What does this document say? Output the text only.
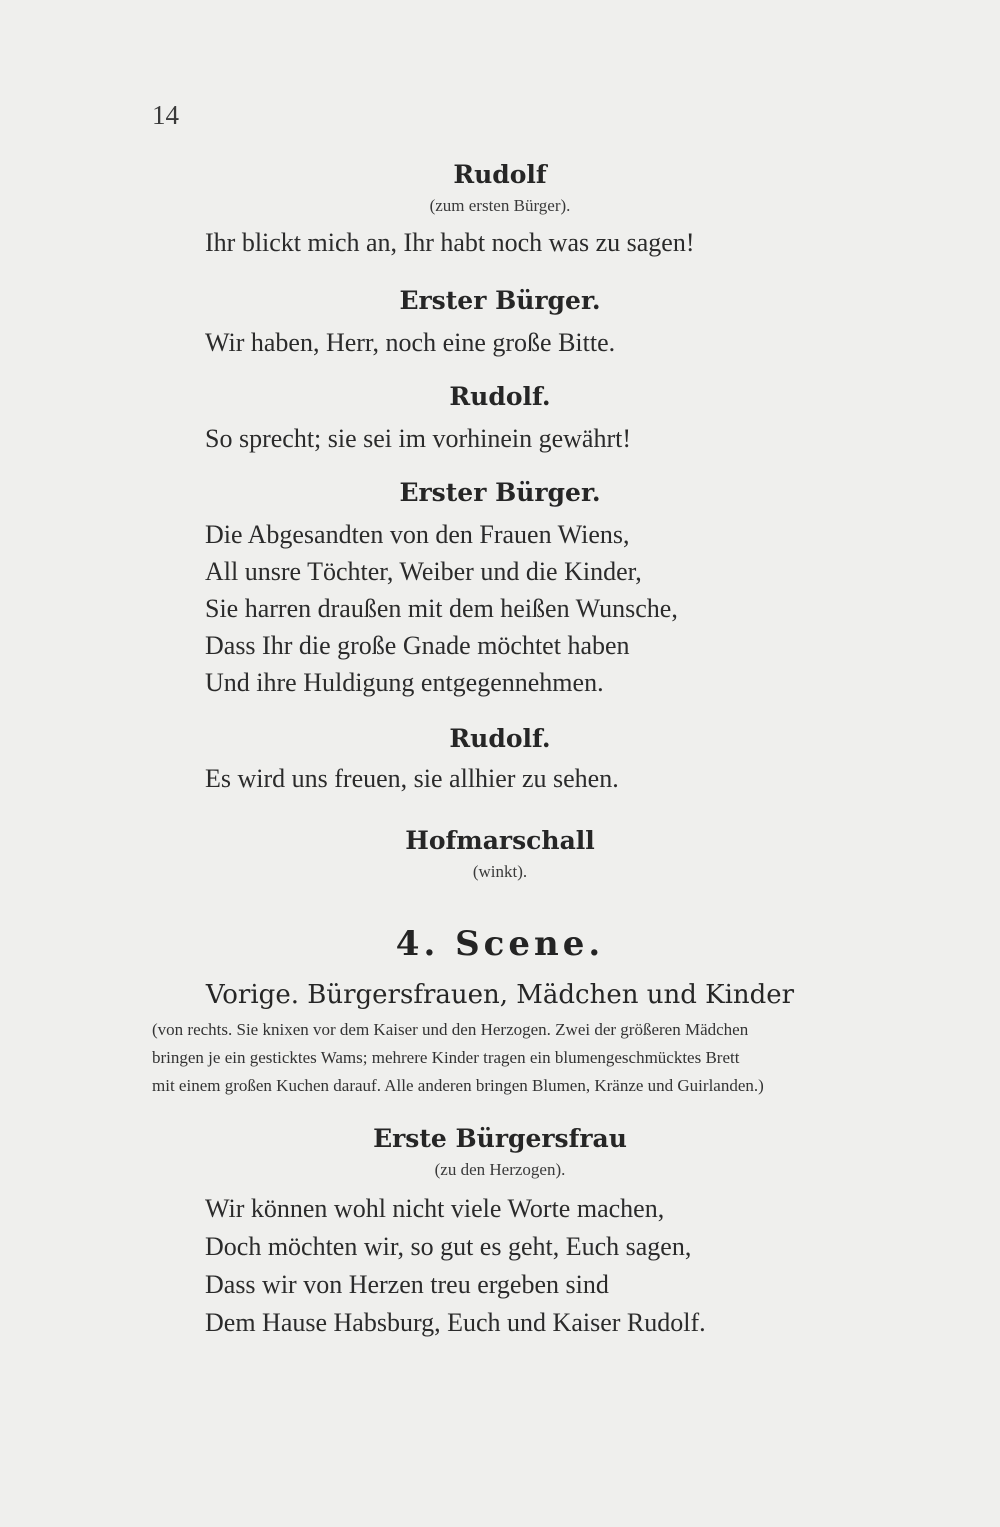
14
Rudolf
(zum ersten Bürger).
Ihr blickt mich an, Ihr habt noch was zu sagen!
Erster Bürger.
Wir haben, Herr, noch eine große Bitte.
Rudolf.
So sprecht; sie sei im vorhinein gewährt!
Erster Bürger.
Die Abgesandten von den Frauen Wiens,
All unsre Töchter, Weiber und die Kinder,
Sie harren draußen mit dem heißen Wunsche,
Dass Ihr die große Gnade möchtet haben
Und ihre Huldigung entgegennehmen.
Rudolf.
Es wird uns freuen, sie allhier zu sehen.
Hofmarschall
(winkt).
4. Scene.
Vorige. Bürgersfrauen, Mädchen und Kinder
(von rechts. Sie knixen vor dem Kaiser und den Herzogen. Zwei der größeren Mädchen
bringen je ein gesticktes Wams; mehrere Kinder tragen ein blumengeschmücktes Brett
mit einem großen Kuchen darauf. Alle anderen bringen Blumen, Kränze und Guirlanden.)
Erste Bürgersfrau
(zu den Herzogen).
Wir können wohl nicht viele Worte machen,
Doch möchten wir, so gut es geht, Euch sagen,
Dass wir von Herzen treu ergeben sind
Dem Hause Habsburg, Euch und Kaiser Rudolf.
